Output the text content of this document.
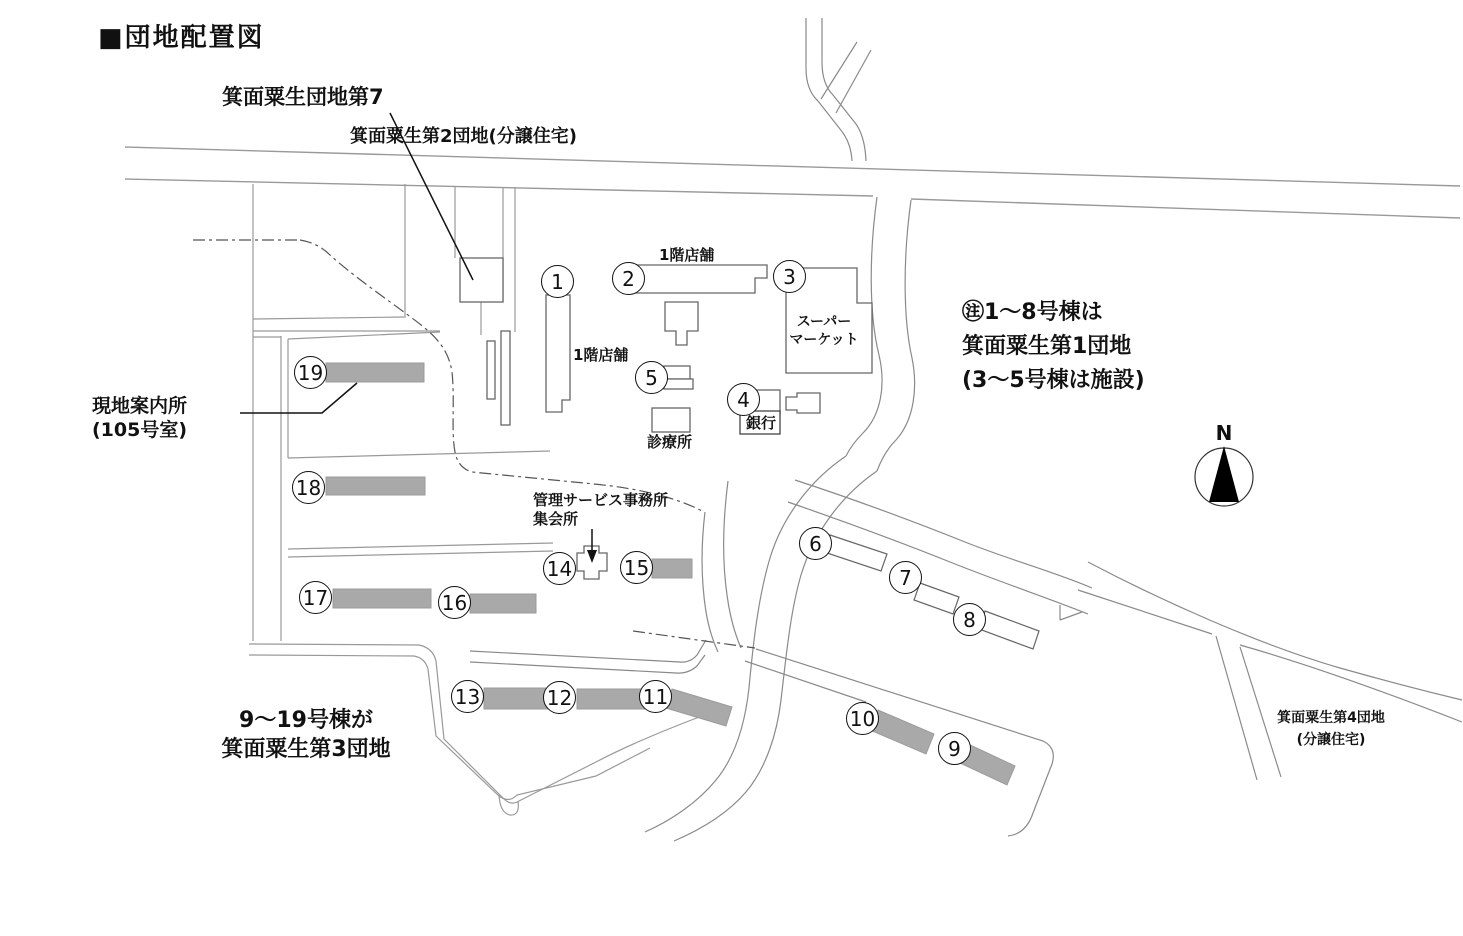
■団地配置図
箕面粟生団地第7
箕面粟生第2団地(分譲住宅)
1階店舗
1階店舗
スーパー
マーケット
診療所
銀行
管理サービス事務所
集会所
現地案内所
(105号室)
㊟1〜8号棟は
箕面粟生第1団地
(3〜5号棟は施設)
9〜19号棟が
箕面粟生第3団地
箕面粟生第4団地
(分譲住宅)
N
1	2	3
4
5
6
7
8
9
10
11
12
13
14	15
16
17
18
19
